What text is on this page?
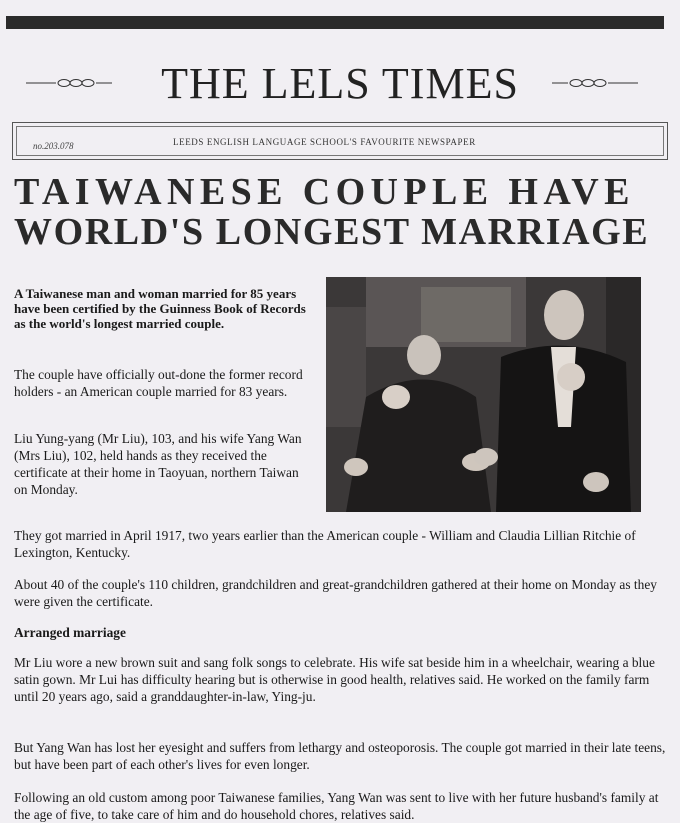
THE LELS TIMES
no.203.078	LEEDS ENGLISH LANGUAGE SCHOOL'S FAVOURITE NEWSPAPER
TAIWANESE COUPLE HAVE
WORLD'S LONGEST MARRIAGE
A Taiwanese man and woman married for 85 years have been certified by the Guinness Book of Records as the world's longest married couple.

The couple have officially out-done the former record holders - an American couple married for 83 years.

Liu Yung-yang (Mr Liu), 103, and his wife Yang Wan (Mrs Liu), 102, held hands as they received the certificate at their home in Taoyuan, northern Taiwan on Monday.

They got married in April 1917, two years earlier than the American couple - William and Claudia Lillian Ritchie of Lexington, Kentucky.

About 40 of the couple's 110 children, grandchildren and great-grandchildren gathered at their home on Monday as they were given the certificate.

Arranged marriage

Mr Liu wore a new brown suit and sang folk songs to celebrate. His wife sat beside him in a wheelchair, wearing a blue satin gown. Mr Lui has difficulty hearing but is otherwise in good health, relatives said. He worked on the family farm until 20 years ago, said a granddaughter-in-law, Ying-ju.

But Yang Wan has lost her eyesight and suffers from lethargy and osteoporosis. The couple got married in their late teens, but have been part of each other's lives for even longer.

Following an old custom among poor Taiwanese families, Yang Wan was sent to live with her future husband's family at the age of five, to take care of him and do household chores, relatives said.
